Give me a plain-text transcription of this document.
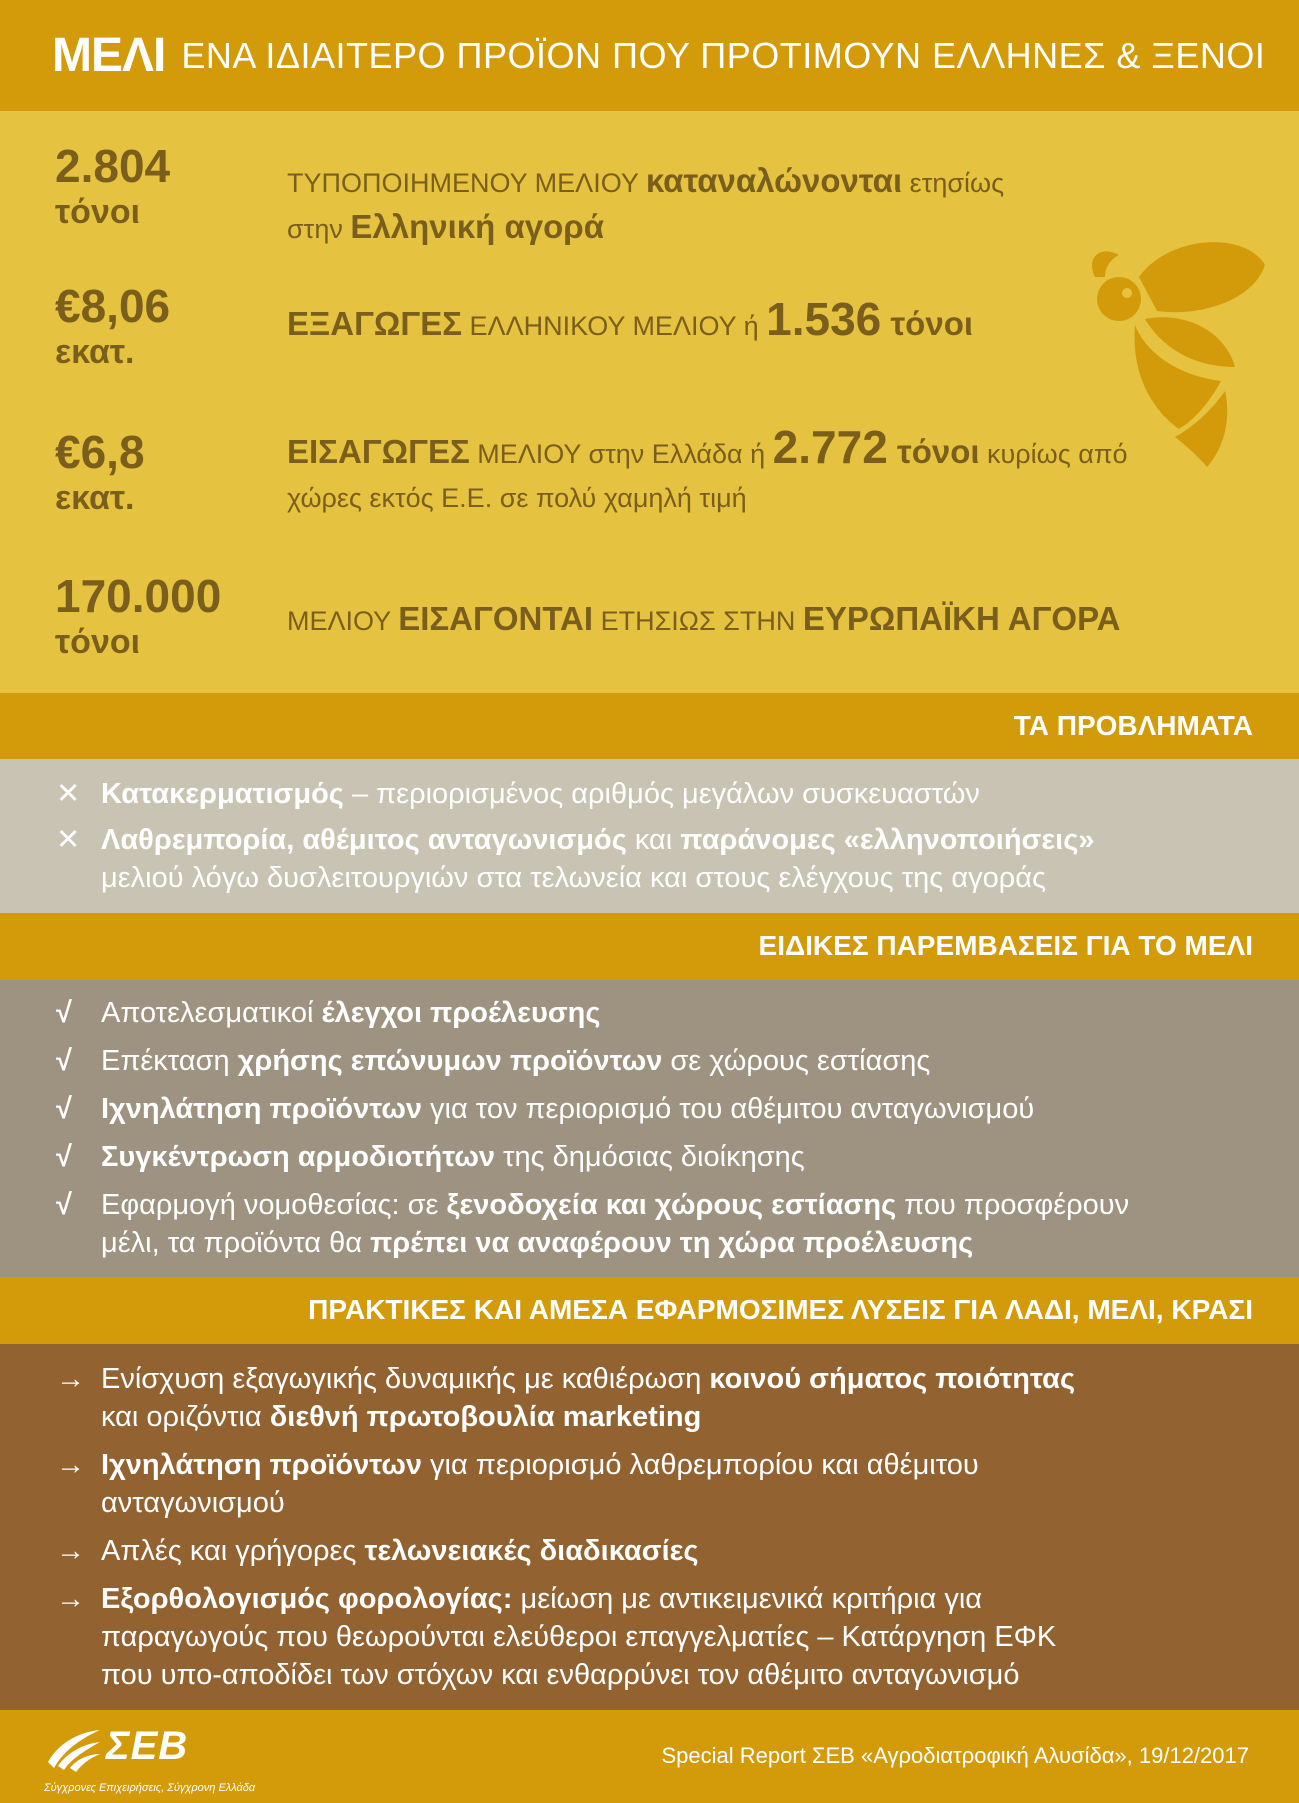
ΜΕΛΙ ΕΝΑ ΙΔΙΑΙΤΕΡΟ ΠΡΟΪΟΝ ΠΟΥ ΠΡΟΤΙΜΟΥΝ ΕΛΛΗΝΕΣ & ΞΕΝΟΙ
2.804
τόνοι
ΤΥΠΟΠΟΙΗΜΕΝΟΥ ΜΕΛΙΟΥ καταναλώνονται ετησίως
στην Ελληνική αγορά
€8,06
εκατ.
ΕΞΑΓΩΓΕΣ ΕΛΛΗΝΙΚΟΥ ΜΕΛΙΟΥ ή 1.536 τόνοι
€6,8
εκατ.
ΕΙΣΑΓΩΓΕΣ ΜΕΛΙΟΥ στην Ελλάδα ή 2.772 τόνοι κυρίως από
χώρες εκτός Ε.Ε. σε πολύ χαμηλή τιμή
170.000
τόνοι
ΜΕΛΙΟΥ ΕΙΣΑΓΟΝΤΑΙ ΕΤΗΣΙΩΣ ΣΤΗΝ ΕΥΡΩΠΑΪΚΗ ΑΓΟΡΑ
ΤΑ ΠΡΟΒΛΗΜΑΤΑ
✕ Κατακερματισμός – περιορισμένος αριθμός μεγάλων συσκευαστών
✕ Λαθρεμπορία, αθέμιτος ανταγωνισμός και παράνομες «ελληνοποιήσεις»
μελιού λόγω δυσλειτουργιών στα τελωνεία και στους ελέγχους της αγοράς
ΕΙΔΙΚΕΣ ΠΑΡΕΜΒΑΣΕΙΣ ΓΙΑ ΤΟ ΜΕΛΙ
√ Αποτελεσματικοί έλεγχοι προέλευσης
√ Επέκταση χρήσης επώνυμων προϊόντων σε χώρους εστίασης
√ Ιχνηλάτηση προϊόντων για τον περιορισμό του αθέμιτου ανταγωνισμού
√ Συγκέντρωση αρμοδιοτήτων της δημόσιας διοίκησης
√ Εφαρμογή νομοθεσίας: σε ξενοδοχεία και χώρους εστίασης που προσφέρουν
μέλι, τα προϊόντα θα πρέπει να αναφέρουν τη χώρα προέλευσης
ΠΡΑΚΤΙΚΕΣ ΚΑΙ ΑΜΕΣΑ ΕΦΑΡΜΟΣΙΜΕΣ ΛΥΣΕΙΣ ΓΙΑ ΛΑΔΙ, ΜΕΛΙ, ΚΡΑΣΙ
→ Ενίσχυση εξαγωγικής δυναμικής με καθιέρωση κοινού σήματος ποιότητας
και οριζόντια διεθνή πρωτοβουλία marketing
→ Ιχνηλάτηση προϊόντων για περιορισμό λαθρεμπορίου και αθέμιτου
ανταγωνισμού
→ Απλές και γρήγορες τελωνειακές διαδικασίες
→ Εξορθολογισμός φορολογίας: μείωση με αντικειμενικά κριτήρια για
παραγωγούς που θεωρούνται ελεύθεροι επαγγελματίες – Κατάργηση ΕΦΚ
που υπο-αποδίδει των στόχων και ενθαρρύνει τον αθέμιτο ανταγωνισμό
ΣΕΒ
Σύγχρονες Επιχειρήσεις, Σύγχρονη Ελλάδα
Special Report ΣΕΒ «Αγροδιατροφική Αλυσίδα», 19/12/2017
